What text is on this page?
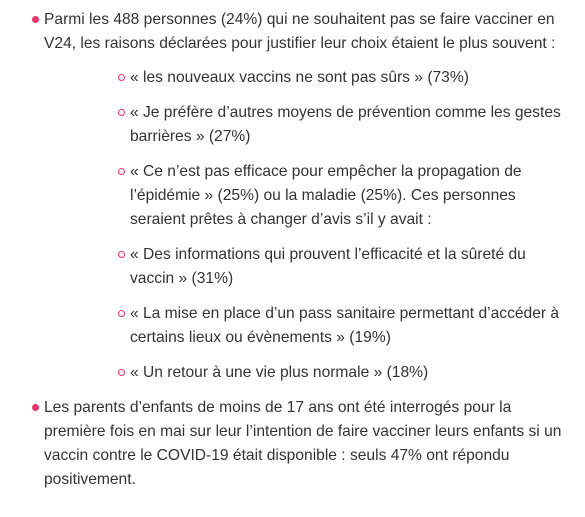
Parmi les 488 personnes (24%) qui ne souhaitent pas se faire vacciner en V24, les raisons déclarées pour justifier leur choix étaient le plus souvent :
« les nouveaux vaccins ne sont pas sûrs » (73%)
« Je préfère d’autres moyens de prévention comme les gestes barrières » (27%)
« Ce n’est pas efficace pour empêcher la propagation de l’épidémie » (25%) ou la maladie (25%). Ces personnes seraient prêtes à changer d’avis s’il y avait :
« Des informations qui prouvent l’efficacité et la sûreté du vaccin » (31%)
« La mise en place d’un pass sanitaire permettant d’accéder à certains lieux ou évènements » (19%)
« Un retour à une vie plus normale » (18%)
Les parents d’enfants de moins de 17 ans ont été interrogés pour la première fois en mai sur leur l’intention de faire vacciner leurs enfants si un vaccin contre le COVID-19 était disponible : seuls 47% ont répondu positivement.
